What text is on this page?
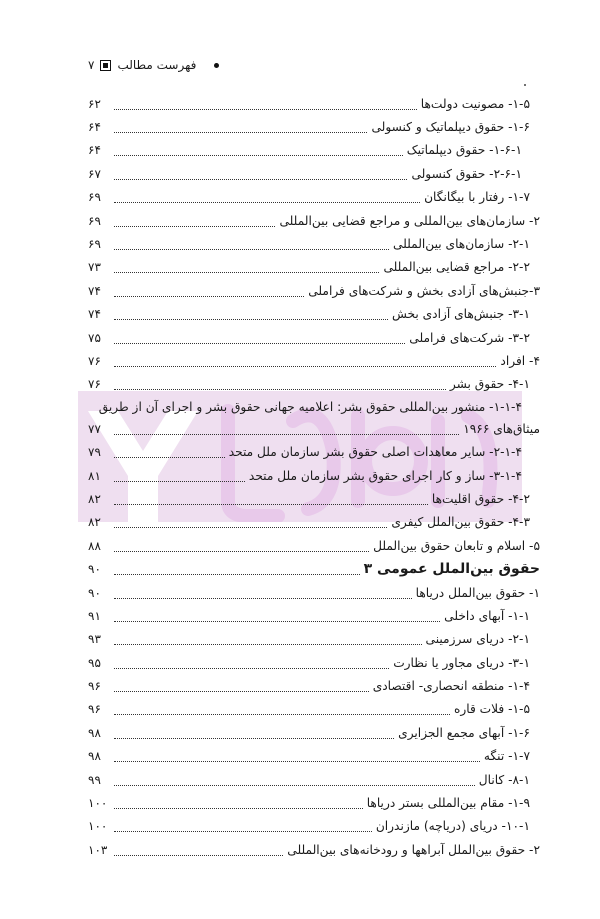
فهرست مطالب
۷
۱-۵- مصونیت دولت‌ها
۶۲
۱-۶- حقوق دیپلماتیک و کنسولی
۶۴
۱-۶-۱- حقوق دیپلماتیک
۶۴
۲-۶-۱- حقوق کنسولی
۶۷
۱-۷- رفتار با بیگانگان
۶۹
۲- سازمان‌های بین‌المللی و مراجع قضایی بین‌المللی
۶۹
۲-۱- سازمان‌های بین‌المللی
۶۹
۲-۲- مراجع قضایی بین‌المللی
۷۳
۳-جنبش‌های آزادی بخش و شرکت‌های فراملی
۷۴
۳-۱- جنبش‌های آزادی بخش
۷۴
۳-۲- شرکت‌های فراملی
۷۵
۴- افراد
۷۶
۴-۱- حقوق بشر
۷۶
۱-۱-۴- منشور بین‌المللی حقوق بشر: اعلامیه جهانی حقوق بشر و اجرای آن از طریق
میثاق‌های ۱۹۶۶
۷۷
۲-۱-۴- سایر معاهدات اصلی حقوق بشر سازمان ملل متحد
۷۹
۳-۱-۴- ساز و کار اجرای حقوق بشر سازمان ملل متحد
۸۱
۴-۲- حقوق اقلیت‌ها
۸۲
۴-۳- حقوق بین‌الملل کیفری
۸۲
۵- اسلام و تابعان حقوق بین‌الملل
۸۸
حقوق بین‌الملل عمومی ۳
۹۰
۱- حقوق بین‌الملل دریاها
۹۰
۱-۱- آبهای داخلی
۹۱
۲-۱- دریای سرزمینی
۹۳
۳-۱- دریای مجاور یا نظارت
۹۵
۱-۴- منطقه انحصاری- اقتصادی
۹۶
۱-۵- فلات قاره
۹۶
۱-۶- آبهای مجمع الجزایری
۹۸
۱-۷- تنگه
۹۸
۸-۱- کانال
۹۹
۱-۹- مقام بین‌المللی بستر دریاها
۱۰۰
۱۰-۱- دریای (دریاچه) مازندران
۱۰۰
۲- حقوق بین‌الملل آبراهها و رودخانه‌های بین‌المللی
۱۰۳
